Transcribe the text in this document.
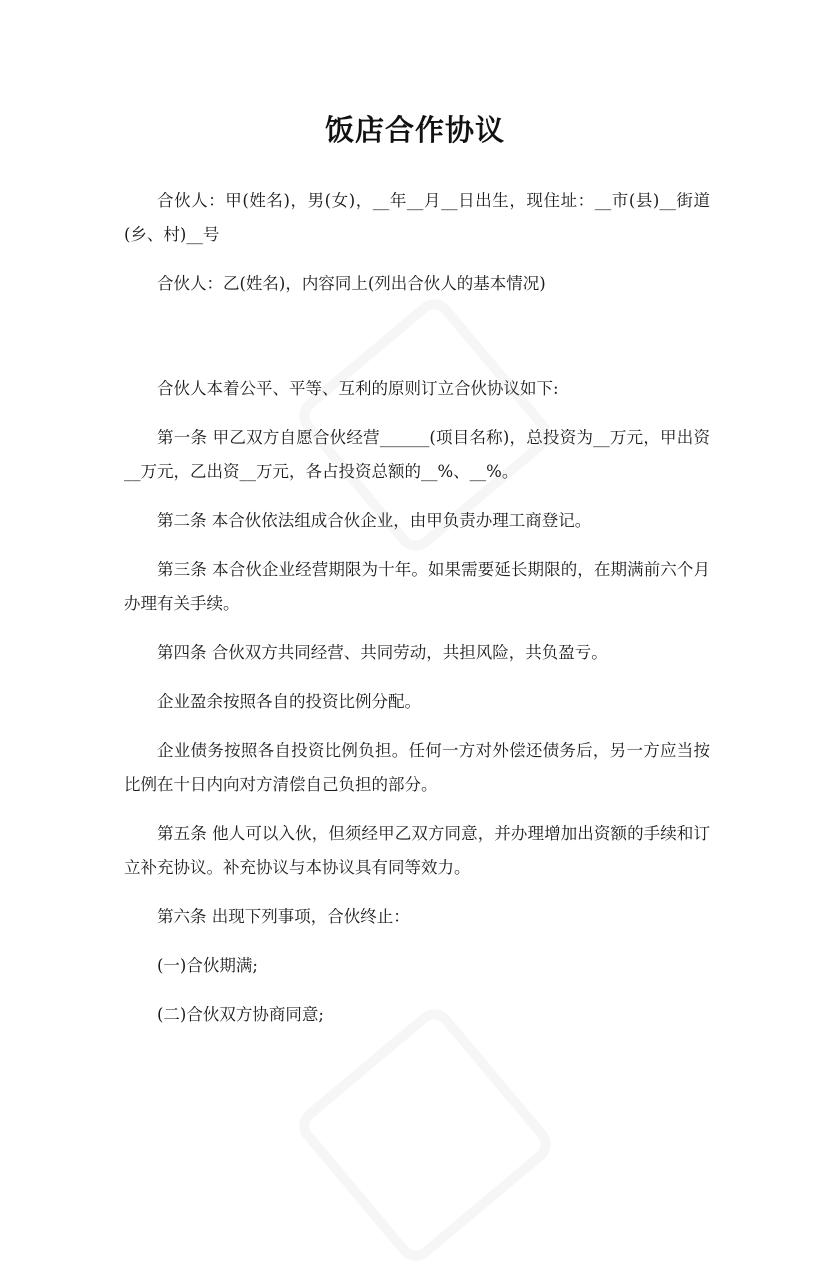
饭店合作协议

合伙人：甲(姓名)，男(女)，__年__月__日出生，现住址：__市(县)__街道(乡、村)__号

合伙人：乙(姓名)，内容同上(列出合伙人的基本情况)

合伙人本着公平、平等、互利的原则订立合伙协议如下:

第一条 甲乙双方自愿合伙经营______(项目名称)，总投资为__万元，甲出资__万元，乙出资__万元，各占投资总额的__%、__%。

第二条 本合伙依法组成合伙企业，由甲负责办理工商登记。

第三条 本合伙企业经营期限为十年。如果需要延长期限的，在期满前六个月办理有关手续。

第四条 合伙双方共同经营、共同劳动，共担风险，共负盈亏。

企业盈余按照各自的投资比例分配。

企业债务按照各自投资比例负担。任何一方对外偿还债务后，另一方应当按比例在十日内向对方清偿自己负担的部分。

第五条 他人可以入伙，但须经甲乙双方同意，并办理增加出资额的手续和订立补充协议。补充协议与本协议具有同等效力。

第六条 出现下列事项，合伙终止：

(一)合伙期满;

(二)合伙双方协商同意;
